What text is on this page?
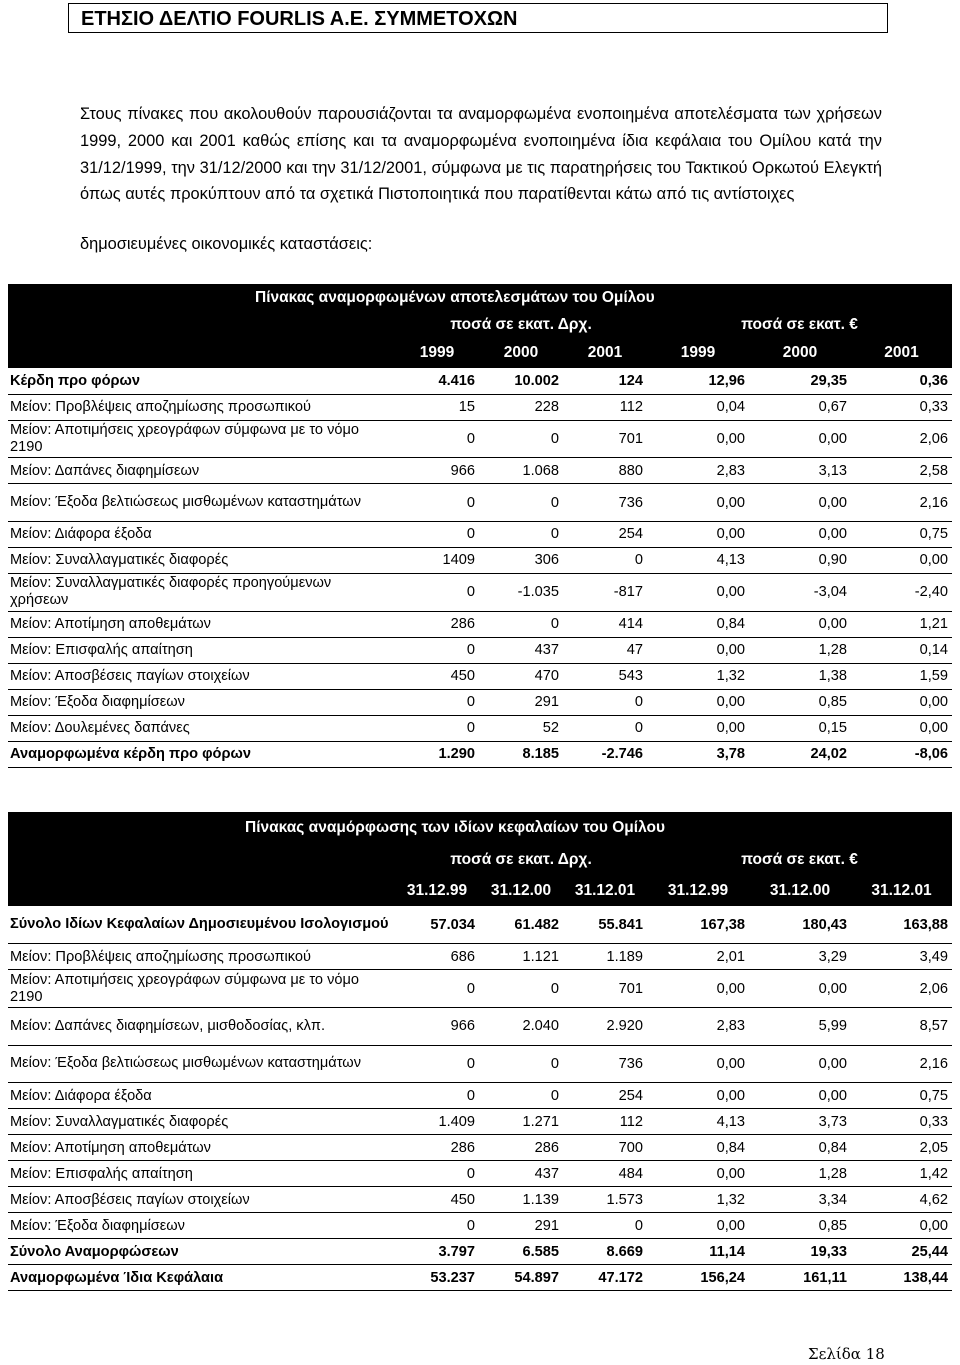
ΕΤΗΣΙΟ ΔΕΛΤΙΟ FOURLIS A.E. ΣΥΜΜΕΤΟΧΩΝ
Στους πίνακες που ακολουθούν παρουσιάζονται τα αναμορφωμένα ενοποιημένα αποτελέσματα των χρήσεων 1999, 2000 και 2001 καθώς επίσης και τα αναμορφωμένα ενοποιημένα ίδια κεφάλαια του Ομίλου κατά την 31/12/1999, την 31/12/2000 και την 31/12/2001, σύμφωνα με τις παρατηρήσεις του Τακτικού Ορκωτού Ελεγκτή όπως αυτές προκύπτουν από τα σχετικά Πιστοποιητικά που παρατίθενται κάτω από τις αντίστοιχες
δημοσιευμένες οικονομικές καταστάσεις:
	Πίνακας αναμορφωμένων αποτελεσμάτων του Ομίλου					
	ποσά σε εκατ. Δρχ.			ποσά σε εκατ. €		
	1999	2000	2001	1999	2000	2001
Κέρδη προ φόρων	4.416	10.002	124	12,96	29,35	0,36
Μείον: Προβλέψεις αποζημίωσης προσωπικού	15	228	112	0,04	0,67	0,33
Μείον: Αποτιμήσεις χρεογράφων σύμφωνα με το νόμο 2190	0	0	701	0,00	0,00	2,06
Μείον: Δαπάνες διαφημίσεων	966	1.068	880	2,83	3,13	2,58
Μείον: Έξοδα βελτιώσεως μισθωμένων καταστημάτων	0	0	736	0,00	0,00	2,16
Μείον: Διάφορα έξοδα	0	0	254	0,00	0,00	0,75
Μείον: Συναλλαγματικές διαφορές	1409	306	0	4,13	0,90	0,00
Μείον: Συναλλαγματικές διαφορές προηγούμενων χρήσεων	0	-1.035	-817	0,00	-3,04	-2,40
Μείον: Αποτίμηση αποθεμάτων	286	0	414	0,84	0,00	1,21
Μείον: Επισφαλής απαίτηση	0	437	47	0,00	1,28	0,14
Μείον: Αποσβέσεις παγίων στοιχείων	450	470	543	1,32	1,38	1,59
Μείον: Έξοδα διαφημίσεων	0	291	0	0,00	0,85	0,00
Μείον: Δουλεμένες δαπάνες	0	52	0	0,00	0,15	0,00
Αναμορφωμένα κέρδη προ φόρων	1.290	8.185	-2.746	3,78	24,02	-8,06
	Πίνακας αναμόρφωσης των ιδίων κεφαλαίων του Ομίλου					
	ποσά σε εκατ. Δρχ.			ποσά σε εκατ. €		
	31.12.99	31.12.00	31.12.01	31.12.99	31.12.00	31.12.01
Σύνολο Ιδίων Κεφαλαίων Δημοσιευμένου Ισολογισμού	57.034	61.482	55.841	167,38	180,43	163,88
Μείον: Προβλέψεις αποζημίωσης προσωπικού	686	1.121	1.189	2,01	3,29	3,49
Μείον: Αποτιμήσεις χρεογράφων σύμφωνα με το νόμο 2190	0	0	701	0,00	0,00	2,06
Μείον: Δαπάνες διαφημίσεων, μισθοδοσίας, κλπ.	966	2.040	2.920	2,83	5,99	8,57
Μείον: Έξοδα βελτιώσεως μισθωμένων καταστημάτων	0	0	736	0,00	0,00	2,16
Μείον: Διάφορα έξοδα	0	0	254	0,00	0,00	0,75
Μείον: Συναλλαγματικές διαφορές	1.409	1.271	112	4,13	3,73	0,33
Μείον: Αποτίμηση αποθεμάτων	286	286	700	0,84	0,84	2,05
Μείον: Επισφαλής απαίτηση	0	437	484	0,00	1,28	1,42
Μείον: Αποσβέσεις παγίων στοιχείων	450	1.139	1.573	1,32	3,34	4,62
Μείον: Έξοδα διαφημίσεων	0	291	0	0,00	0,85	0,00
Σύνολο Αναμορφώσεων	3.797	6.585	8.669	11,14	19,33	25,44
Αναμορφωμένα Ίδια Κεφάλαια	53.237	54.897	47.172	156,24	161,11	138,44
Σελίδα 18
